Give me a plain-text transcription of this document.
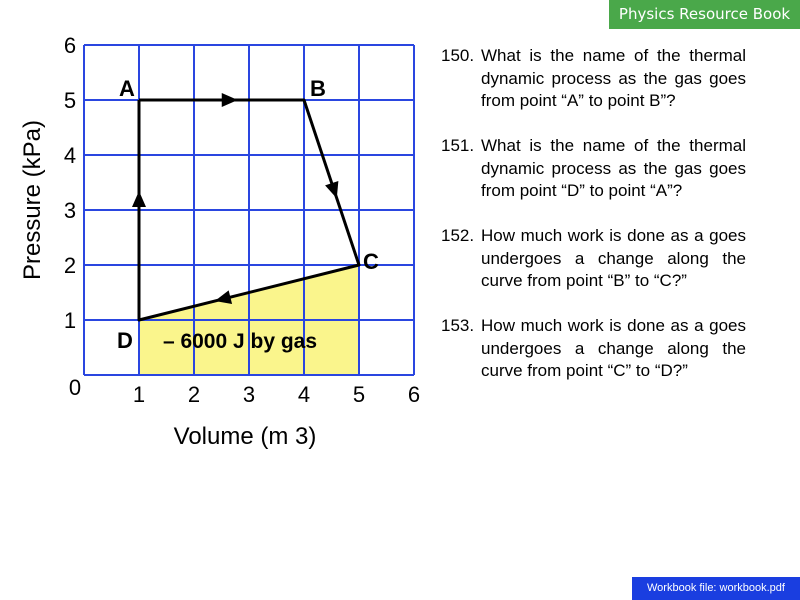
Physics Resource Book
1 2 3 4 5 6
1
2
3
4
5
6
0
Volume (m 3)
Pressure (kPa)
A	B
C
D – 6000 J by gas
150. What is the name of the thermal dynamic process as the gas goes from point “A” to point B”?
151. What is the name of the thermal dynamic process as the gas goes from point “D” to point “A”?
152. How much work is done as a goes undergoes a change along the curve from point “B” to “C?”
153. How much work is done as a goes undergoes a change along the curve from point “C” to “D?”
Workbook file: workbook.pdf
